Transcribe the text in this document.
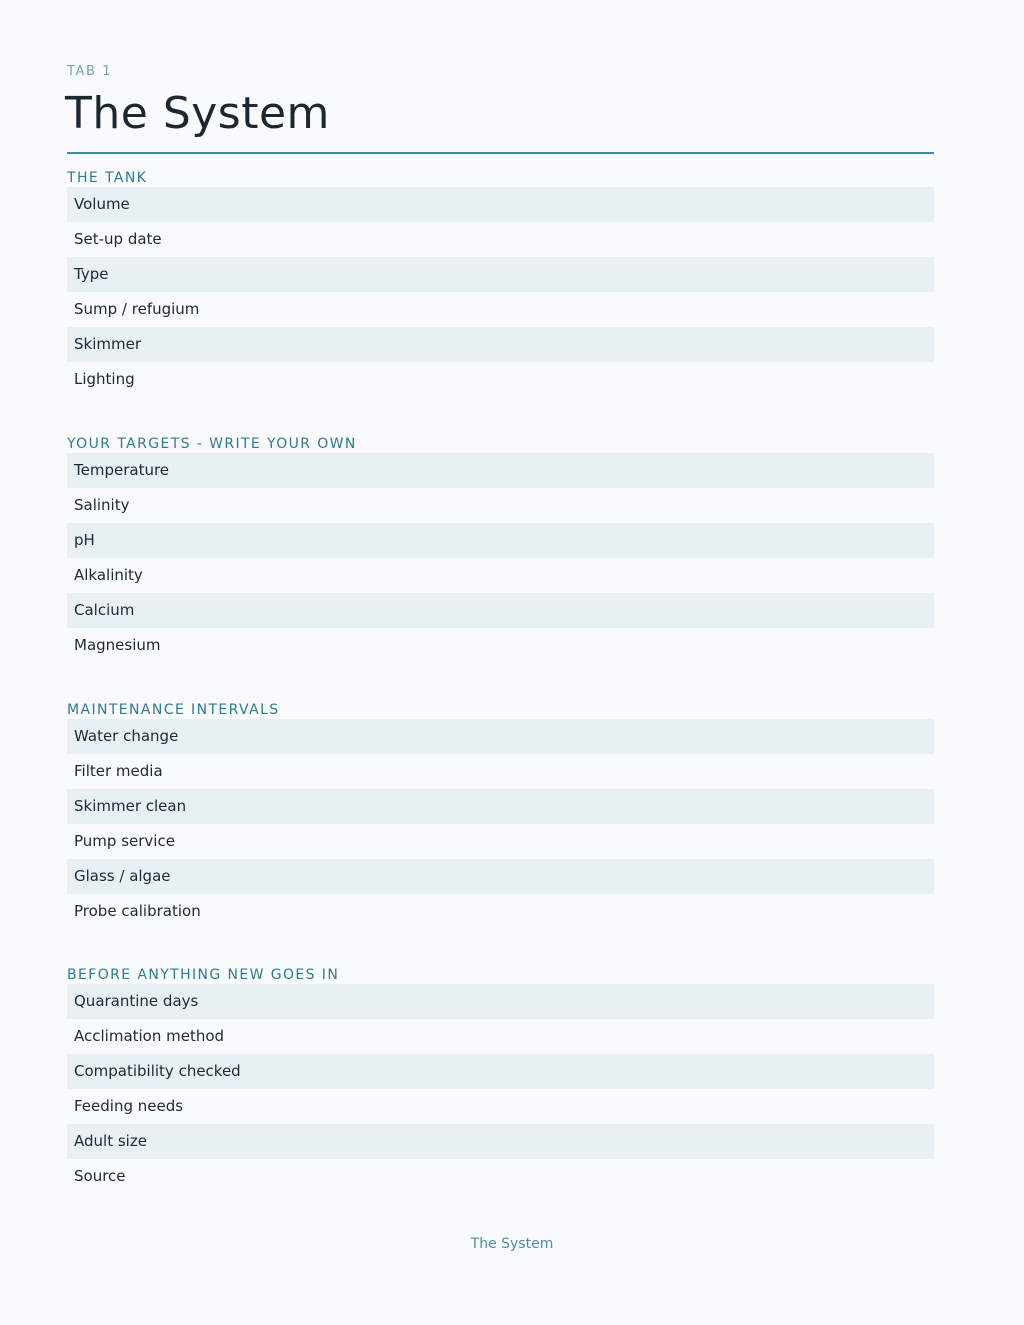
TAB 1
The System
THE TANK
Volume
Set-up date
Type
Sump / refugium
Skimmer
Lighting
YOUR TARGETS - WRITE YOUR OWN
Temperature
Salinity
pH
Alkalinity
Calcium
Magnesium
MAINTENANCE INTERVALS
Water change
Filter media
Skimmer clean
Pump service
Glass / algae
Probe calibration
BEFORE ANYTHING NEW GOES IN
Quarantine days
Acclimation method
Compatibility checked
Feeding needs
Adult size
Source
The System
